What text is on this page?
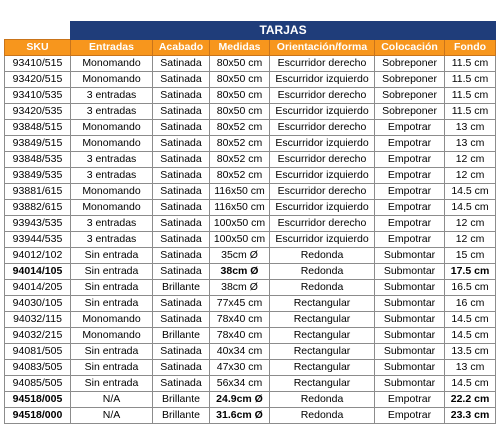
	TARJAS					
SKU	Entradas	Acabado	Medidas	Orientación/forma	Colocación	Fondo
93410/515	Monomando	Satinada	80x50 cm	Escurridor derecho	Sobreponer	11.5 cm
93420/515	Monomando	Satinada	80x50 cm	Escurridor izquierdo	Sobreponer	11.5 cm
93410/535	3 entradas	Satinada	80x50 cm	Escurridor derecho	Sobreponer	11.5 cm
93420/535	3 entradas	Satinada	80x50 cm	Escurridor izquierdo	Sobreponer	11.5 cm
93848/515	Monomando	Satinada	80x52 cm	Escurridor derecho	Empotrar	13 cm
93849/515	Monomando	Satinada	80x52 cm	Escurridor izquierdo	Empotrar	13 cm
93848/535	3 entradas	Satinada	80x52 cm	Escurridor derecho	Empotrar	12 cm
93849/535	3 entradas	Satinada	80x52 cm	Escurridor izquierdo	Empotrar	12 cm
93881/615	Monomando	Satinada	116x50 cm	Escurridor derecho	Empotrar	14.5 cm
93882/615	Monomando	Satinada	116x50 cm	Escurridor izquierdo	Empotrar	14.5 cm
93943/535	3 entradas	Satinada	100x50 cm	Escurridor derecho	Empotrar	12 cm
93944/535	3 entradas	Satinada	100x50 cm	Escurridor izquierdo	Empotrar	12 cm
94012/102	Sin entrada	Satinada	35cm Ø	Redonda	Submontar	15 cm
94014/105	Sin entrada	Satinada	38cm Ø	Redonda	Submontar	17.5 cm
94014/205	Sin entrada	Brillante	38cm Ø	Redonda	Submontar	16.5 cm
94030/105	Sin entrada	Satinada	77x45 cm	Rectangular	Submontar	16 cm
94032/115	Monomando	Satinada	78x40 cm	Rectangular	Submontar	14.5 cm
94032/215	Monomando	Brillante	78x40 cm	Rectangular	Submontar	14.5 cm
94081/505	Sin entrada	Satinada	40x34 cm	Rectangular	Submontar	13.5 cm
94083/505	Sin entrada	Satinada	47x30 cm	Rectangular	Submontar	13 cm
94085/505	Sin entrada	Satinada	56x34 cm	Rectangular	Submontar	14.5 cm
94518/005	N/A	Brillante	24.9cm Ø	Redonda	Empotrar	22.2 cm
94518/000	N/A	Brillante	31.6cm Ø	Redonda	Empotrar	23.3 cm
